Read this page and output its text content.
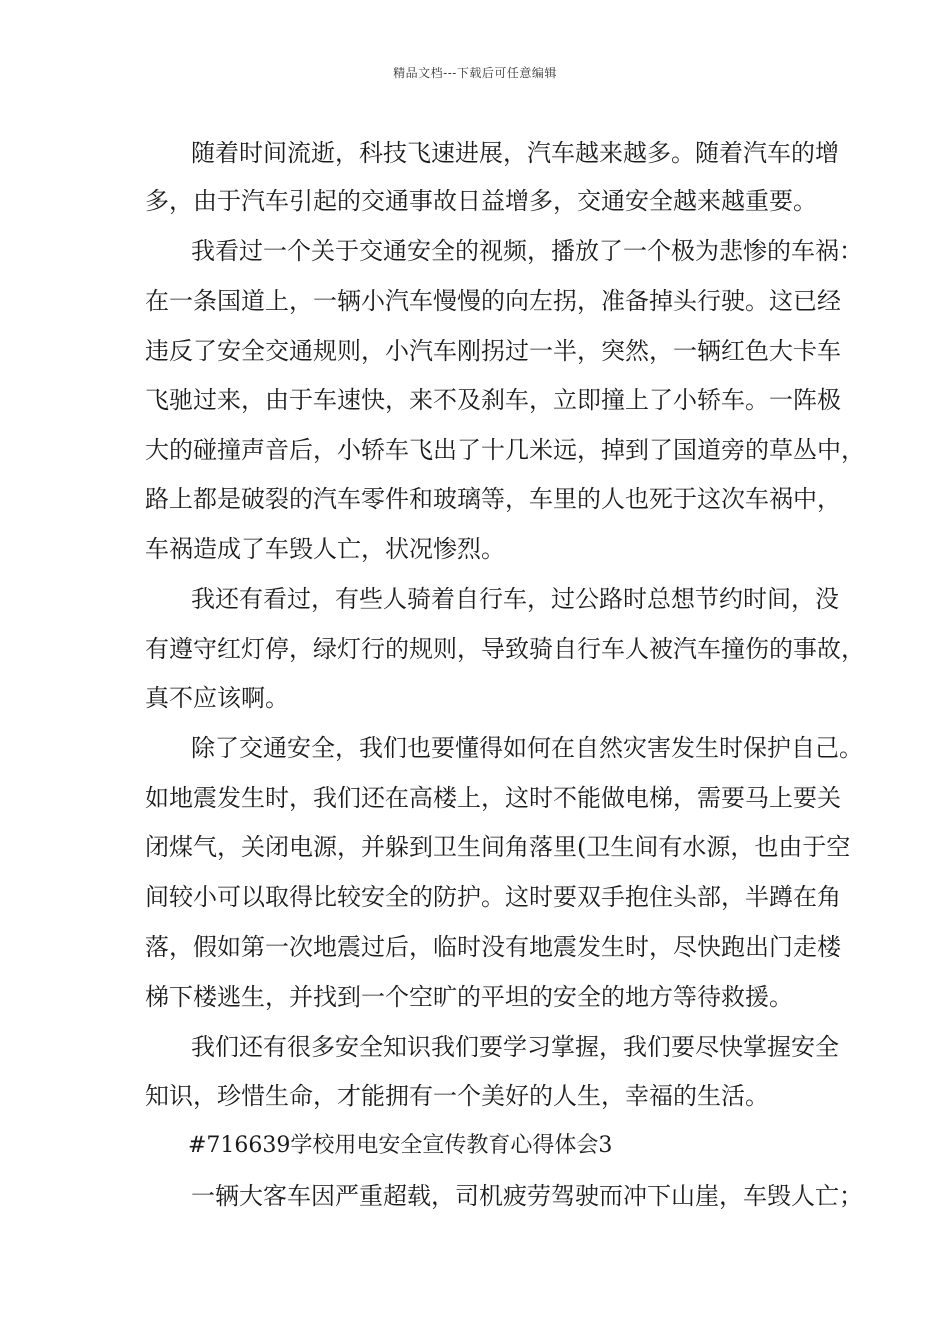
精品文档---下载后可任意编辑
随着时间流逝，科技飞速进展，汽车越来越多。随着汽车的增
多，由于汽车引起的交通事故日益增多，交通安全越来越重要。
我看过一个关于交通安全的视频，播放了一个极为悲惨的车祸：
在一条国道上，一辆小汽车慢慢的向左拐，准备掉头行驶。这已经
违反了安全交通规则，小汽车刚拐过一半，突然，一辆红色大卡车
飞驰过来，由于车速快，来不及刹车，立即撞上了小轿车。一阵极
大的碰撞声音后，小轿车飞出了十几米远，掉到了国道旁的草丛中，
路上都是破裂的汽车零件和玻璃等，车里的人也死于这次车祸中，
车祸造成了车毁人亡，状况惨烈。
我还有看过，有些人骑着自行车，过公路时总想节约时间，没
有遵守红灯停，绿灯行的规则，导致骑自行车人被汽车撞伤的事故，
真不应该啊。
除了交通安全，我们也要懂得如何在自然灾害发生时保护自己。
如地震发生时，我们还在高楼上，这时不能做电梯，需要马上要关
闭煤气，关闭电源，并躲到卫生间角落里(卫生间有水源，也由于空
间较小可以取得比较安全的防护。这时要双手抱住头部，半蹲在角
落，假如第一次地震过后，临时没有地震发生时，尽快跑出门走楼
梯下楼逃生，并找到一个空旷的平坦的安全的地方等待救援。
我们还有很多安全知识我们要学习掌握，我们要尽快掌握安全
知识，珍惜生命，才能拥有一个美好的人生，幸福的生活。
#716639学校用电安全宣传教育心得体会3
一辆大客车因严重超载，司机疲劳驾驶而冲下山崖，车毁人亡；
